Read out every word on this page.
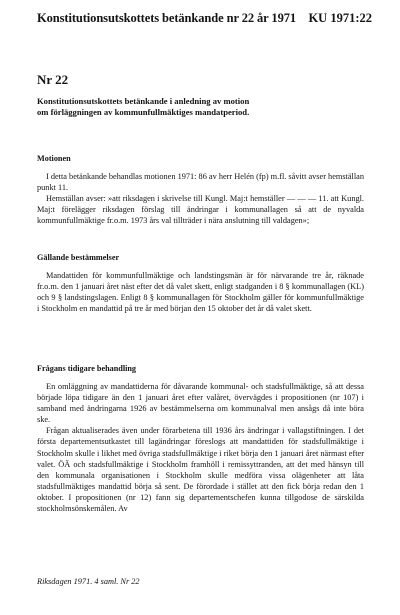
Konstitutionsutskottets betänkande nr 22 år 1971 KU 1971:22
Nr 22
Konstitutionsutskottets betänkande i anledning av motion
om förläggningen av kommunfullmäktiges mandatperiod.
Motionen

I detta betänkande behandlas motionen 1971: 86 av herr Helén (fp) m.fl. såvitt avser hemställan punkt 11.

Hemställan avser: »att riksdagen i skrivelse till Kungl. Maj:t hemställer — — — 11. att Kungl. Maj:t förelägger riksdagen förslag till ändringar i kommunallagen så att de nyvalda kommunfullmäktige fr.o.m. 1973 års val tillträder i nära anslutning till valdagen»;

Gällande bestämmelser

Mandattiden för kommunfullmäktige och landstingsmän är för närvarande tre år, räknade fr.o.m. den 1 januari året näst efter det då valet skett, enligt stadganden i 8 § kommunallagen (KL) och 9 § landstingslagen. Enligt 8 § kommunallagen för Stockholm gäller för kommunfullmäktige i Stockholm en mandattid på tre år med början den 15 oktober det år då valet skett.

Frågans tidigare behandling

En omläggning av mandattiderna för dåvarande kommunal- och stadsfullmäktige, så att dessa började löpa tidigare än den 1 januari året efter valåret, övervägdes i propositionen (nr 107) i samband med ändringarna 1926 av bestämmelserna om kommunalval men ansågs då inte böra ske.

Frågan aktualiserades även under förarbetena till 1936 års ändringar i vallagstiftningen. I det första departementsutkastet till lagändringar föreslogs att mandattiden för stadsfullmäktige i Stockholm skulle i likhet med övriga stadsfullmäktige i riket börja den 1 januari året närmast efter valet. ÖÄ och stadsfullmäktige i Stockholm framhöll i remissyttranden, att det med hänsyn till den kommunala organisationen i Stockholm skulle medföra vissa olägenheter att låta stadsfullmäktiges mandattid börja så sent. De förordade i stället att den fick börja redan den 1 oktober. I propositionen (nr 12) fann sig departementschefen kunna tillgodose de särskilda stockholmsönskemålen. Av

Riksdagen 1971. 4 saml. Nr 22
